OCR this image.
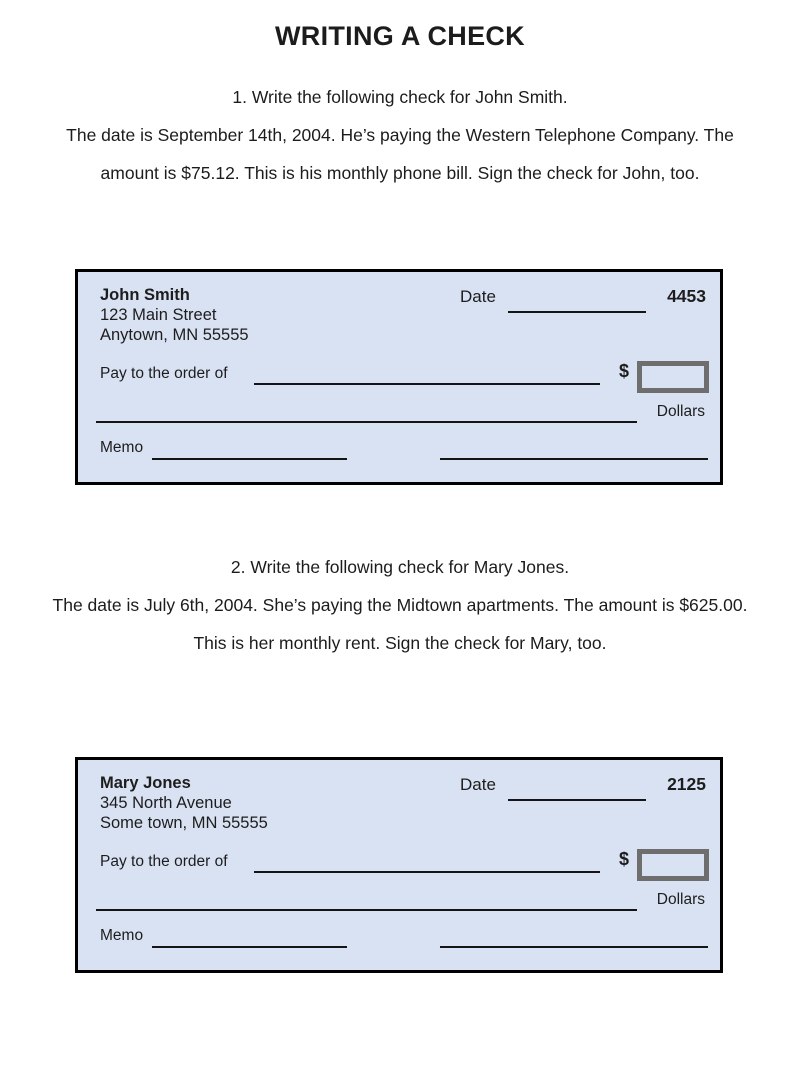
WRITING A CHECK

1. Write the following check for John Smith.

The date is September 14th, 2004. He’s paying the Western Telephone Company. The

amount is $75.12. This is his monthly phone bill. Sign the check for John, too.

John Smith
123 Main Street
Anytown, MN 55555
Date	4453
Pay to the order of	$
Dollars
Memo

2. Write the following check for Mary Jones.

The date is July 6th, 2004. She’s paying the Midtown apartments. The amount is $625.00.

This is her monthly rent. Sign the check for Mary, too.

Mary Jones
345 North Avenue
Some town, MN 55555
Date	2125
Pay to the order of	$
Dollars
Memo
